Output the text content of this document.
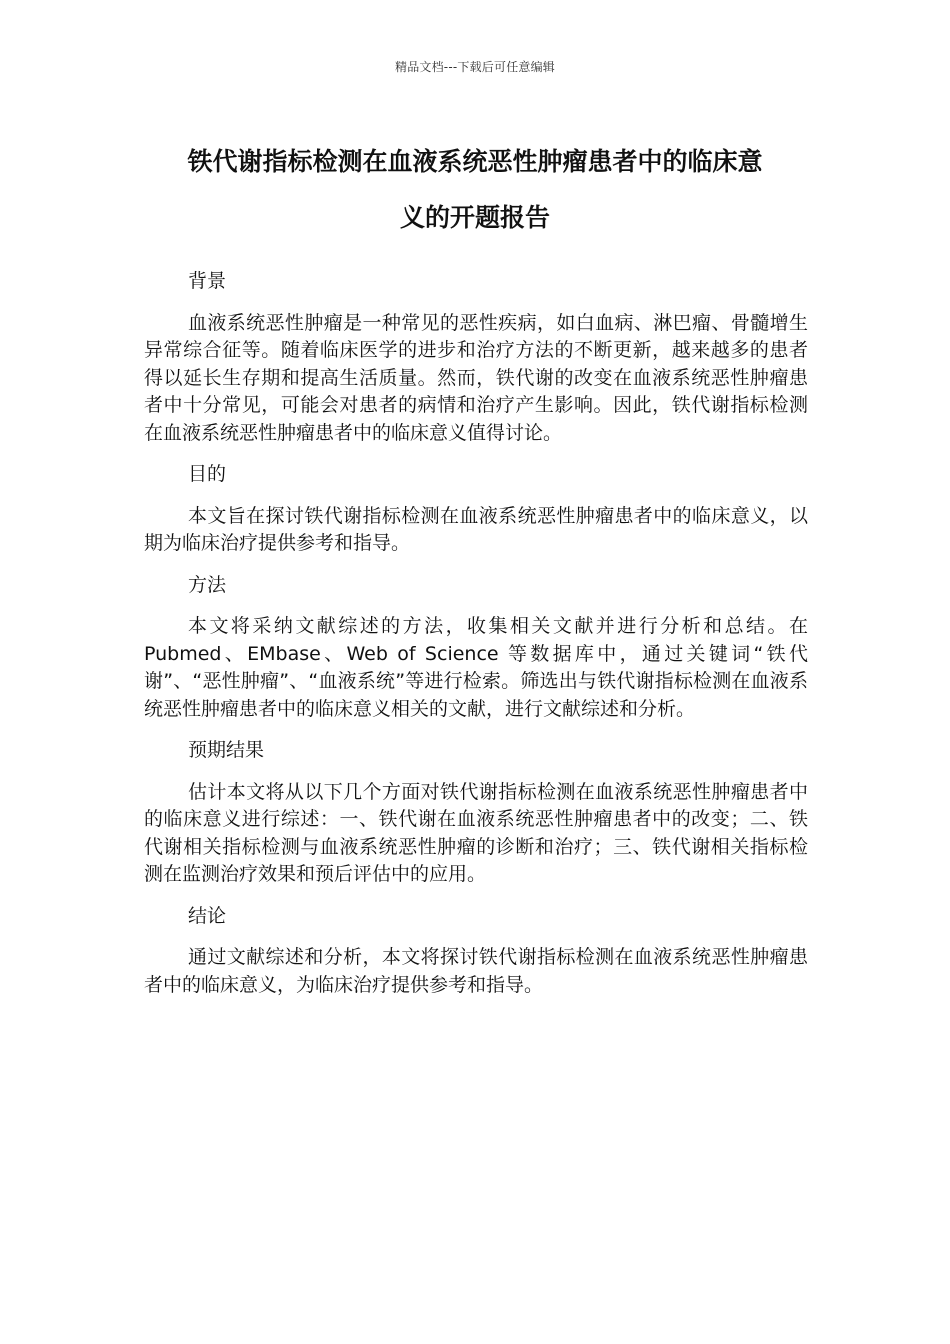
精品文档---下载后可任意编辑
铁代谢指标检测在血液系统恶性肿瘤患者中的临床意
义的开题报告
背景

血液系统恶性肿瘤是一种常见的恶性疾病，如白血病、淋巴瘤、骨髓增生异常综合征等。随着临床医学的进步和治疗方法的不断更新，越来越多的患者得以延长生存期和提高生活质量。然而，铁代谢的改变在血液系统恶性肿瘤患者中十分常见，可能会对患者的病情和治疗产生影响。因此，铁代谢指标检测在血液系统恶性肿瘤患者中的临床意义值得讨论。

目的

本文旨在探讨铁代谢指标检测在血液系统恶性肿瘤患者中的临床意义，以期为临床治疗提供参考和指导。

方法

本文将采纳文献综述的方法，收集相关文献并进行分析和总结。在 Pubmed、EMbase、Web of Science 等数据库中，通过关键词“铁代谢”、“恶性肿瘤”、“血液系统”等进行检索。筛选出与铁代谢指标检测在血液系统恶性肿瘤患者中的临床意义相关的文献，进行文献综述和分析。

预期结果

估计本文将从以下几个方面对铁代谢指标检测在血液系统恶性肿瘤患者中的临床意义进行综述：一、铁代谢在血液系统恶性肿瘤患者中的改变；二、铁代谢相关指标检测与血液系统恶性肿瘤的诊断和治疗；三、铁代谢相关指标检测在监测治疗效果和预后评估中的应用。

结论

通过文献综述和分析，本文将探讨铁代谢指标检测在血液系统恶性肿瘤患者中的临床意义，为临床治疗提供参考和指导。
